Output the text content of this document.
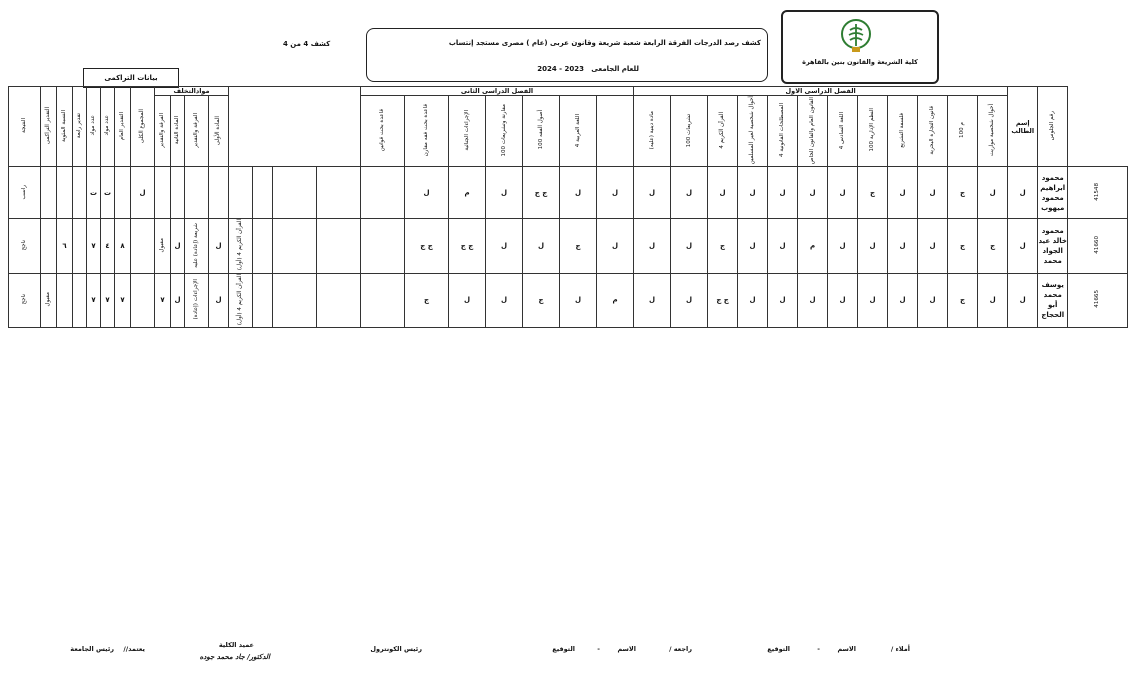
كلية الشريعة والقانون بنين بالقاهرة
كشف رصد الدرجات الفرقة الرابعة شعبة شريعة وقانون عربى (عام ) مصرى مستجد إنتساب
للعام الجامعى   2023 - 2024
كشف 4 من 4
بيانات التراكمى
النتيجة	التقدير التراكمى	النسبة المئوية	تقدير رابعة	عدد مواد	عدد مواد	التقدير العام	المجموع الكلى	موادالتخلف								الفصل الدراسى الثانى							الفصل الدراسى الاول												إسم الطالب	رقم الجلوس	
								الفرقة والتقدير	المادة الثانية	الفرقة والتقدير	المادة الأولى					قاعدة بحث قوانين	قاعدة بحث فقه مقارن	الإجراءات الجنائية	مقارنة وتشريعات 100	أصول الفقه 100	اللغة العربية 4		مادة دينية (عليه)	تشريعات 100	القرآن الكريم 4	أحوال شخصية لغير المسلمين	المصطلحات القانونية 4	القانون العام والقانون الخاص	اللغة السادس 4	100 النظم الإدارية	فلسفة التشريع	قانون التجارة البحرية	م 100	أحوال شخصية مواريث			
راسب				ت	ت		ل										ل	م	ل	ج ج	ل	ل	ل	ل	ل	ل	ل	ل	ل	ج	ل	ل	ج	ل	ل	محمود ابراهيم محمود ميهوب	41548
ناجح		٦		٧	٤	٨		مقبول	ل	شريعة (إعادة) عليه	ل	القرآن الكريم 4 (أول)					ج ج	ج ج	ل	ل	ج	ل	ل	ل	ج	ل	ل	م	ل	ل	ل	ل	ج	ج	ل	محمود خالد عيد الجواد محمد	41660
ناجح	مقبول			٧	٧	٧		٧	ل	الإجراءات (إعادة)	ل	القرآن الكريم 4 (أول)					ج	ل	ل	ج	ل	م	ل	ل	ج ج	ل	ل	ل	ل	ل	ل	ل	ج	ل	ل	يوسف محمد أبو الحجاج	41665
أملاء /
الاسم
-
التوقيع
راجعه /
الاسم
-
التوقيع
رئيس الكونترول
عميد الكلية
الدكتور/ جاد محمد جوده
يعتمد//
رئيس الجامعة
